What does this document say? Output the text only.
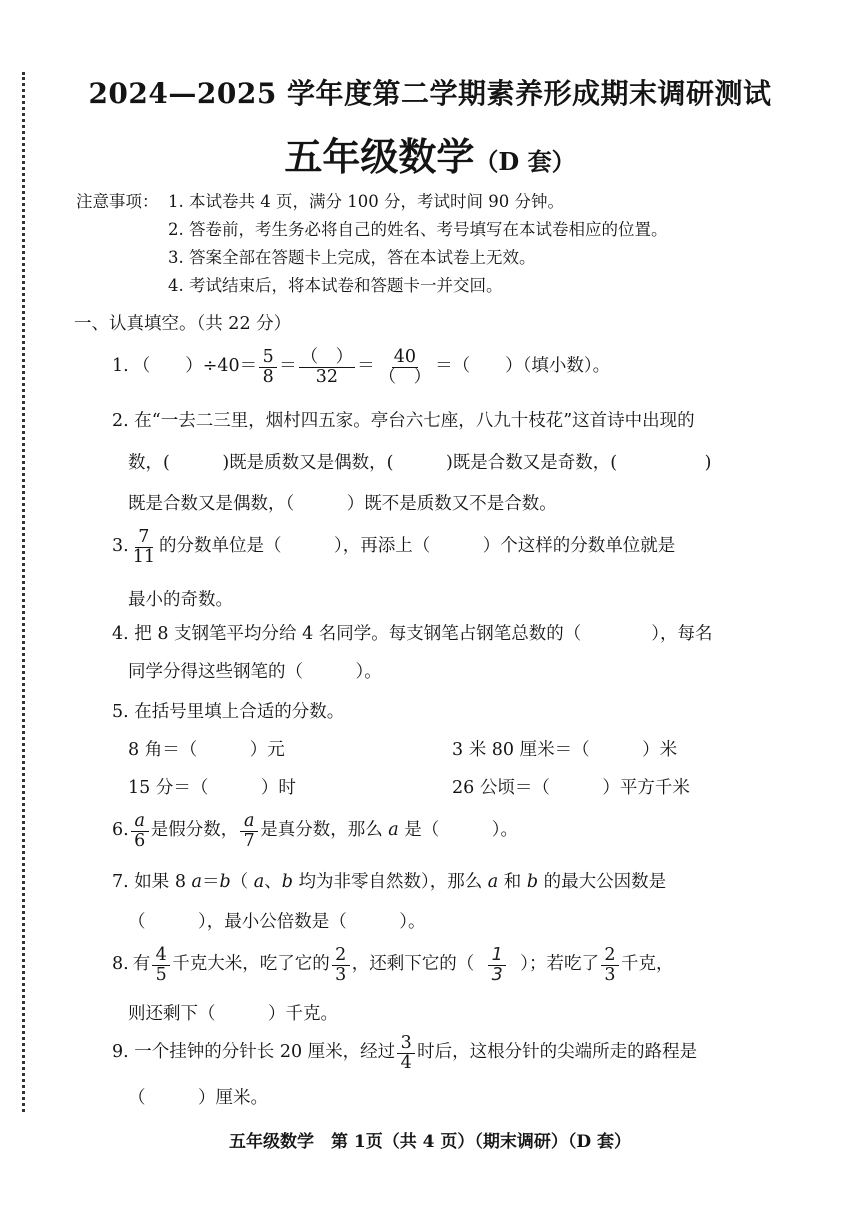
2024—2025 学年度第二学期素养形成期末调研测试
五年级数学（D 套）
注意事项： 1. 本试卷共 4 页，满分 100 分，考试时间 90 分钟。
2. 答卷前，考生务必将自己的姓名、考号填写在本试卷相应的位置。
3. 答案全部在答题卡上完成，答在本试卷上无效。
4. 考试结束后，将本试卷和答题卡一并交回。
一、认真填空。（共 22 分）
1. （　　）$\div 40= \frac{5}{8} = \frac{( )}{32} = \frac{40}{( )}$ ＝（　　）（填小数）。
2. 在“一去二三里，烟村四五家。亭台六七座，八九十枝花”这首诗中出现的
数，(　　　)既是质数又是偶数，(　　　)既是合数又是奇数，(　　　　　)
既是合数又是偶数，（　　　）既不是质数又不是合数。
3. $\frac{7}{11}$ 的分数单位是（　　　），再添上（　　　）个这样的分数单位就是
最小的奇数。
4. 把 8 支钢笔平均分给 4 名同学。每支钢笔占钢笔总数的（　　　　），每名
同学分得这些钢笔的（　　　）。
5. 在括号里填上合适的分数。
8 角＝（　　　）元	3 米 80 厘米＝（　　　）米
15 分＝（　　　）时	26 公顷＝（　　　）平方千米
6. $\frac{a}{6}$ 是假分数， $\frac{a}{7}$ 是真分数，那么 a 是（　　　）。
7. 如果 8 a＝b（ a、b 均为非零自然数），那么 a 和 b 的最大公因数是
（　　　），最小公倍数是（　　　）。
8. 有 $\frac{4}{5}$ 千克大米，吃了它的 $\frac{2}{3}$ ，还剩下它的（ $\frac{1}{3}$ ）；若吃了 $\frac{2}{3}$ 千克，
则还剩下（　　　）千克。
9. 一个挂钟的分针长 20 厘米，经过 $\frac{3}{4}$ 时后，这根分针的尖端所走的路程是
（　　　）厘米。
五年级数学　第 1页（共 4 页）（期末调研）（D 套）
